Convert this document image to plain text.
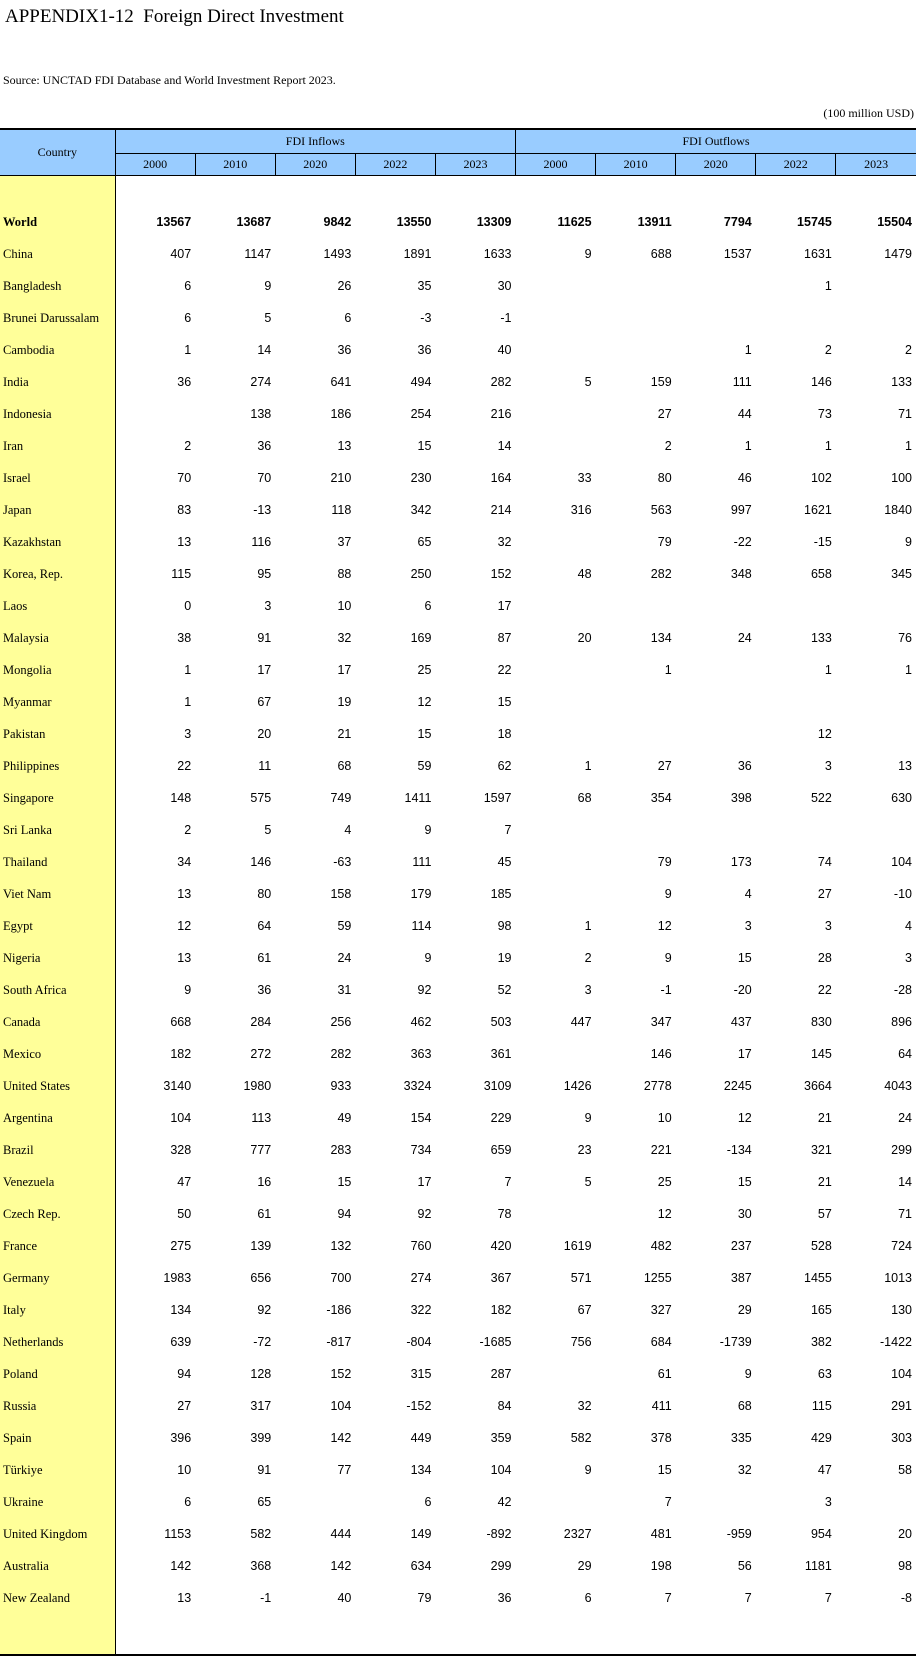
APPENDIX1-12  Foreign Direct Investment
Source: UNCTAD FDI Database and World Investment Report 2023.
(100 million USD)
Country	FDI Inflows					FDI Outflows				
	2000	2010	2020	2022	2023	2000	2010	2020	2022	2023

World	13567	13687	9842	13550	13309	11625	13911	7794	15745	15504
China	407	1147	1493	1891	1633	9	688	1537	1631	1479
Bangladesh	6	9	26	35	30				1	
Brunei Darussalam	6	5	6	-3	-1					
Cambodia	1	14	36	36	40			1	2	2
India	36	274	641	494	282	5	159	111	146	133
Indonesia		138	186	254	216		27	44	73	71
Iran	2	36	13	15	14		2	1	1	1
Israel	70	70	210	230	164	33	80	46	102	100
Japan	83	-13	118	342	214	316	563	997	1621	1840
Kazakhstan	13	116	37	65	32		79	-22	-15	9
Korea, Rep.	115	95	88	250	152	48	282	348	658	345
Laos	0	3	10	6	17					
Malaysia	38	91	32	169	87	20	134	24	133	76
Mongolia	1	17	17	25	22		1		1	1
Myanmar	1	67	19	12	15					
Pakistan	3	20	21	15	18				12	
Philippines	22	11	68	59	62	1	27	36	3	13
Singapore	148	575	749	1411	1597	68	354	398	522	630
Sri Lanka	2	5	4	9	7					
Thailand	34	146	-63	111	45		79	173	74	104
Viet Nam	13	80	158	179	185		9	4	27	-10
Egypt	12	64	59	114	98	1	12	3	3	4
Nigeria	13	61	24	9	19	2	9	15	28	3
South Africa	9	36	31	92	52	3	-1	-20	22	-28
Canada	668	284	256	462	503	447	347	437	830	896
Mexico	182	272	282	363	361		146	17	145	64
United States	3140	1980	933	3324	3109	1426	2778	2245	3664	4043
Argentina	104	113	49	154	229	9	10	12	21	24
Brazil	328	777	283	734	659	23	221	-134	321	299
Venezuela	47	16	15	17	7	5	25	15	21	14
Czech Rep.	50	61	94	92	78		12	30	57	71
France	275	139	132	760	420	1619	482	237	528	724
Germany	1983	656	700	274	367	571	1255	387	1455	1013
Italy	134	92	-186	322	182	67	327	29	165	130
Netherlands	639	-72	-817	-804	-1685	756	684	-1739	382	-1422
Poland	94	128	152	315	287		61	9	63	104
Russia	27	317	104	-152	84	32	411	68	115	291
Spain	396	399	142	449	359	582	378	335	429	303
Türkiye	10	91	77	134	104	9	15	32	47	58
Ukraine	6	65		6	42		7		3	
United Kingdom	1153	582	444	149	-892	2327	481	-959	954	20
Australia	142	368	142	634	299	29	198	56	1181	98
New Zealand	13	-1	40	79	36	6	7	7	7	-8
